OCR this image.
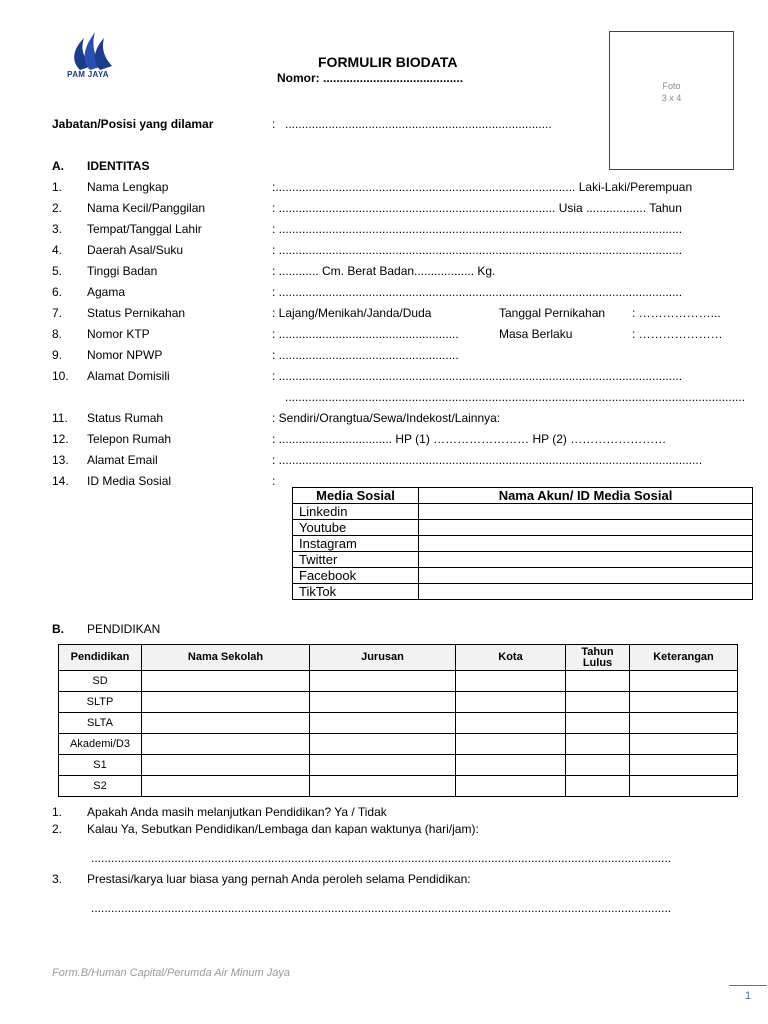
PAM JAYA
FORMULIR BIODATA
Nomor: ..........................................
Foto
3 x 4
Jabatan/Posisi yang dilamar	: ................................................................................
A. IDENTITAS
1. Nama Lengkap	:.......................................................................................... Laki-Laki/Perempuan
2. Nama Kecil/Panggilan	: ................................................................................... Usia .................. Tahun
3. Tempat/Tanggal Lahir	: .........................................................................................................................
4. Daerah Asal/Suku	: .........................................................................................................................
5. Tinggi Badan	: ............ Cm. Berat Badan.................. Kg.
6. Agama	: .........................................................................................................................
7. Status Pernikahan	: Lajang/Menikah/Janda/Duda	Tanggal Pernikahan : ………………...
8. Nomor KTP	: ......................................................	Masa Berlaku	: …………………
9. Nomor NPWP	: ......................................................
10. Alamat Domisili	: .........................................................................................................................
..........................................................................................................................................
11. Status Rumah	: Sendiri/Orangtua/Sewa/Indekost/Lainnya:
12. Telepon Rumah	: .................................. HP (1) …………………… HP (2) ……………………
13. Alamat Email	: ...............................................................................................................................
14. ID Media Sosial	:
Media Sosial	Nama Akun/ ID Media Sosial
Linkedin	
Youtube	
Instagram	
Twitter	
Facebook	
TikTok	
B. PENDIDIKAN
Pendidikan	Nama Sekolah	Jurusan	Kota	Tahun Lulus	Keterangan
SD					
SLTP					
SLTA					
Akademi/D3					
S1					
S2					
1. Apakah Anda masih melanjutkan Pendidikan? Ya / Tidak
2. Kalau Ya, Sebutkan Pendidikan/Lembaga dan kapan waktunya (hari/jam):
..............................................................................................................................................................................
3. Prestasi/karya luar biasa yang pernah Anda peroleh selama Pendidikan:
..............................................................................................................................................................................
Form.B/Human Capital/Perumda Air Minum Jaya
1
